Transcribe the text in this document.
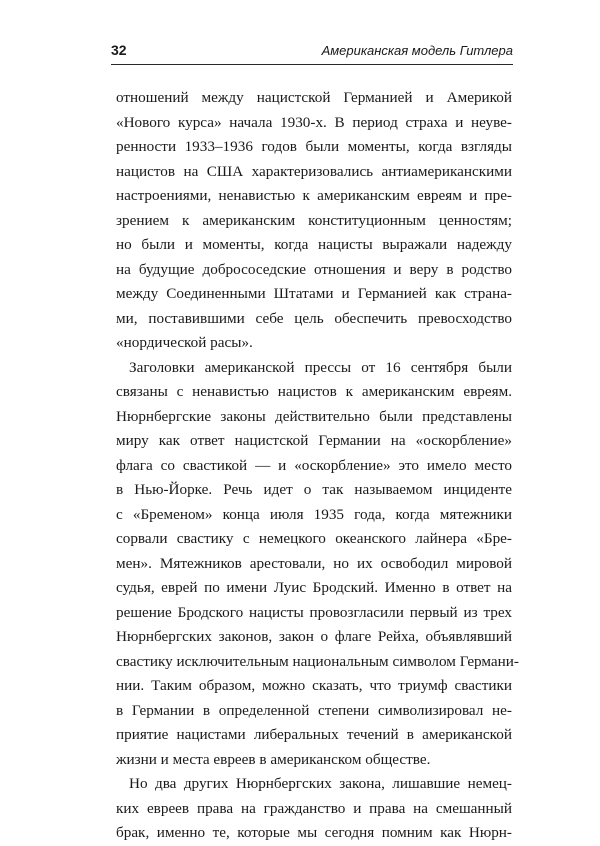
32	Американская модель Гитлера

отношений между нацистской Германией и Америкой
«Нового курса» начала 1930-х. В период страха и неуве-
ренности 1933–1936 годов были моменты, когда взгляды
нацистов на США характеризовались антиамериканскими
настроениями, ненавистью к американским евреям и пре-
зрением к американским конституционным ценностям;
но были и моменты, когда нацисты выражали надежду
на будущие добрососедские отношения и веру в родство
между Соединенными Штатами и Германией как страна-
ми, поставившими себе цель обеспечить превосходство
«нордической расы».

Заголовки американской прессы от 16 сентября были
связаны с ненавистью нацистов к американским евреям.
Нюрнбергские законы действительно были представлены
миру как ответ нацистской Германии на «оскорбление»
флага со свастикой — и «оскорбление» это имело место
в Нью-Йорке. Речь идет о так называемом инциденте
с «Бременом» конца июля 1935 года, когда мятежники
сорвали свастику с немецкого океанского лайнера «Бре-
мен». Мятежников арестовали, но их освободил мировой
судья, еврей по имени Луис Бродский. Именно в ответ на
решение Бродского нацисты провозгласили первый из трех
Нюрнбергских законов, закон о флаге Рейха, объявлявший
свастику исключительным национальным символом Германи-
нии. Таким образом, можно сказать, что триумф свастики
в Германии в определенной степени символизировал не-
приятие нацистами либеральных течений в американской
жизни и места евреев в американском обществе.

Но два других Нюрнбергских закона, лишавшие немец-
ких евреев права на гражданство и права на смешанный
брак, именно те, которые мы сегодня помним как Нюрн-
